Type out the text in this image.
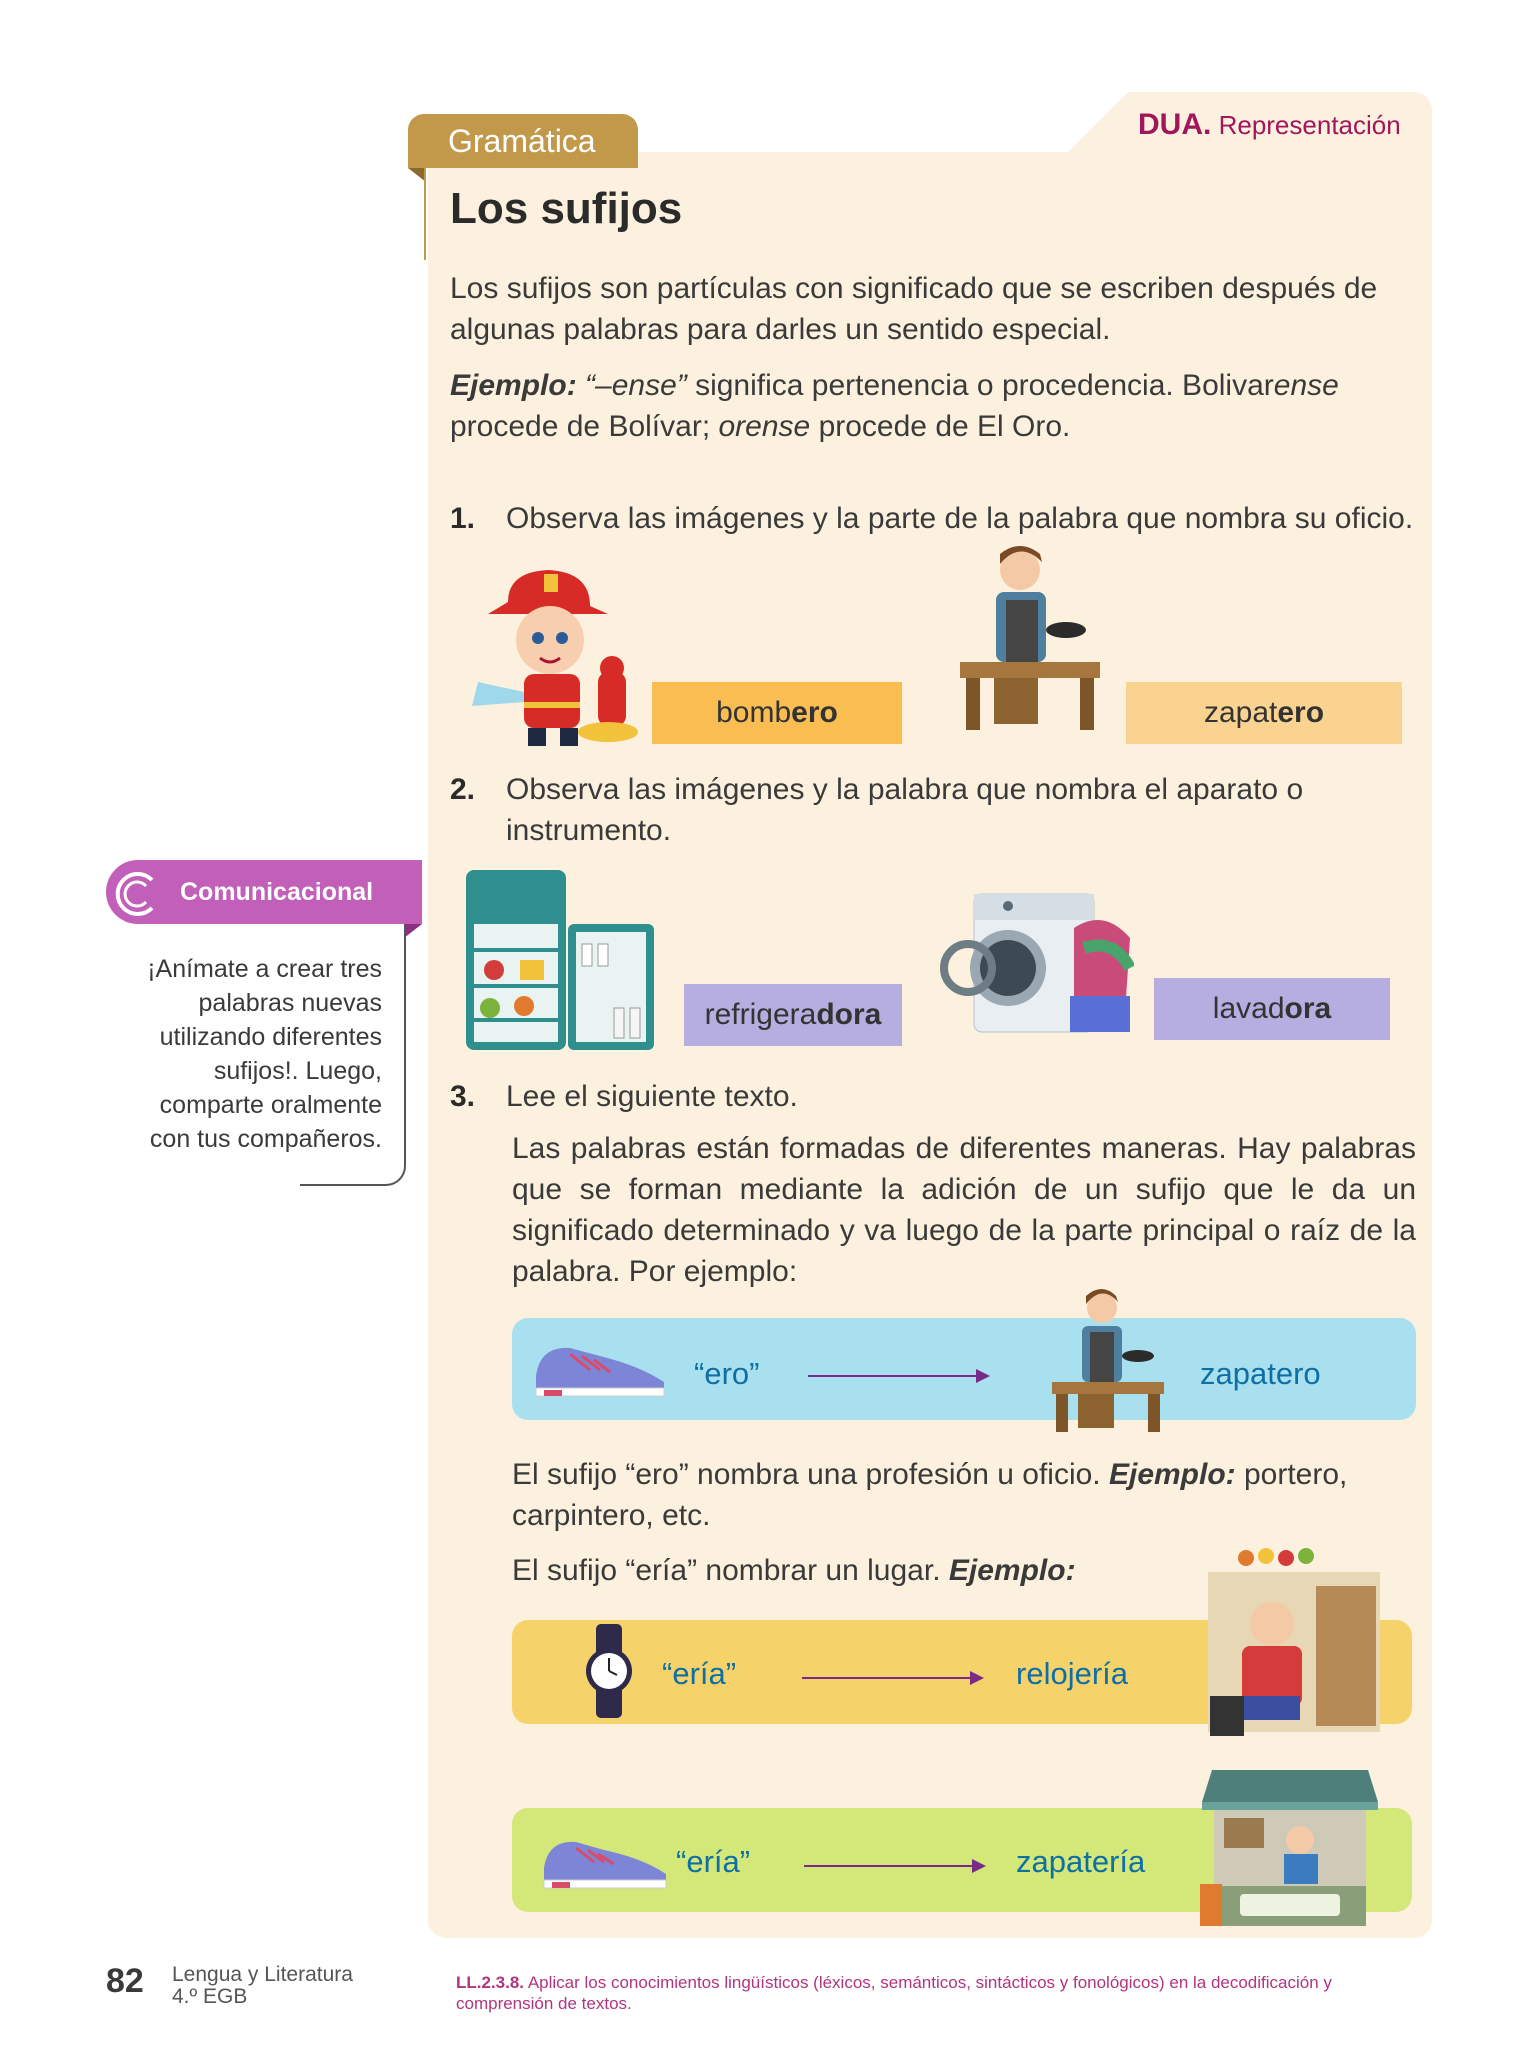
DUA. Representación
Gramática
Los sufijos
Los sufijos son partículas con significado que se escriben después de algunas palabras para darles un sentido especial.
Ejemplo: “–ense” significa pertenencia o procedencia. Bolivarense
procede de Bolívar; orense procede de El Oro.
1. Observa las imágenes y la parte de la palabra que nombra su oficio.
bombero	zapatero
2. Observa las imágenes y la palabra que nombra el aparato o
instrumento.
refrigeradora	lavadora
Comunicacional
¡Anímate a crear tres palabras nuevas utilizando diferentes sufijos!. Luego, comparte oralmente con tus compañeros.
3. Lee el siguiente texto.
Las palabras están formadas de diferentes maneras. Hay palabras que se forman mediante la adición de un sufijo que le da un significado determinado y va luego de la parte principal o raíz de la palabra. Por ejemplo:
“ero”	zapatero
El sufijo “ero” nombra una profesión u oficio. Ejemplo: portero, carpintero, etc.
El sufijo “ería” nombrar un lugar. Ejemplo:
“ería”	relojería
“ería”	zapatería
82 Lengua y Literatura
4.º EGB
LL.2.3.8. Aplicar los conocimientos lingüísticos (léxicos, semánticos, sintácticos y fonológicos) en la decodificación y comprensión de textos.
